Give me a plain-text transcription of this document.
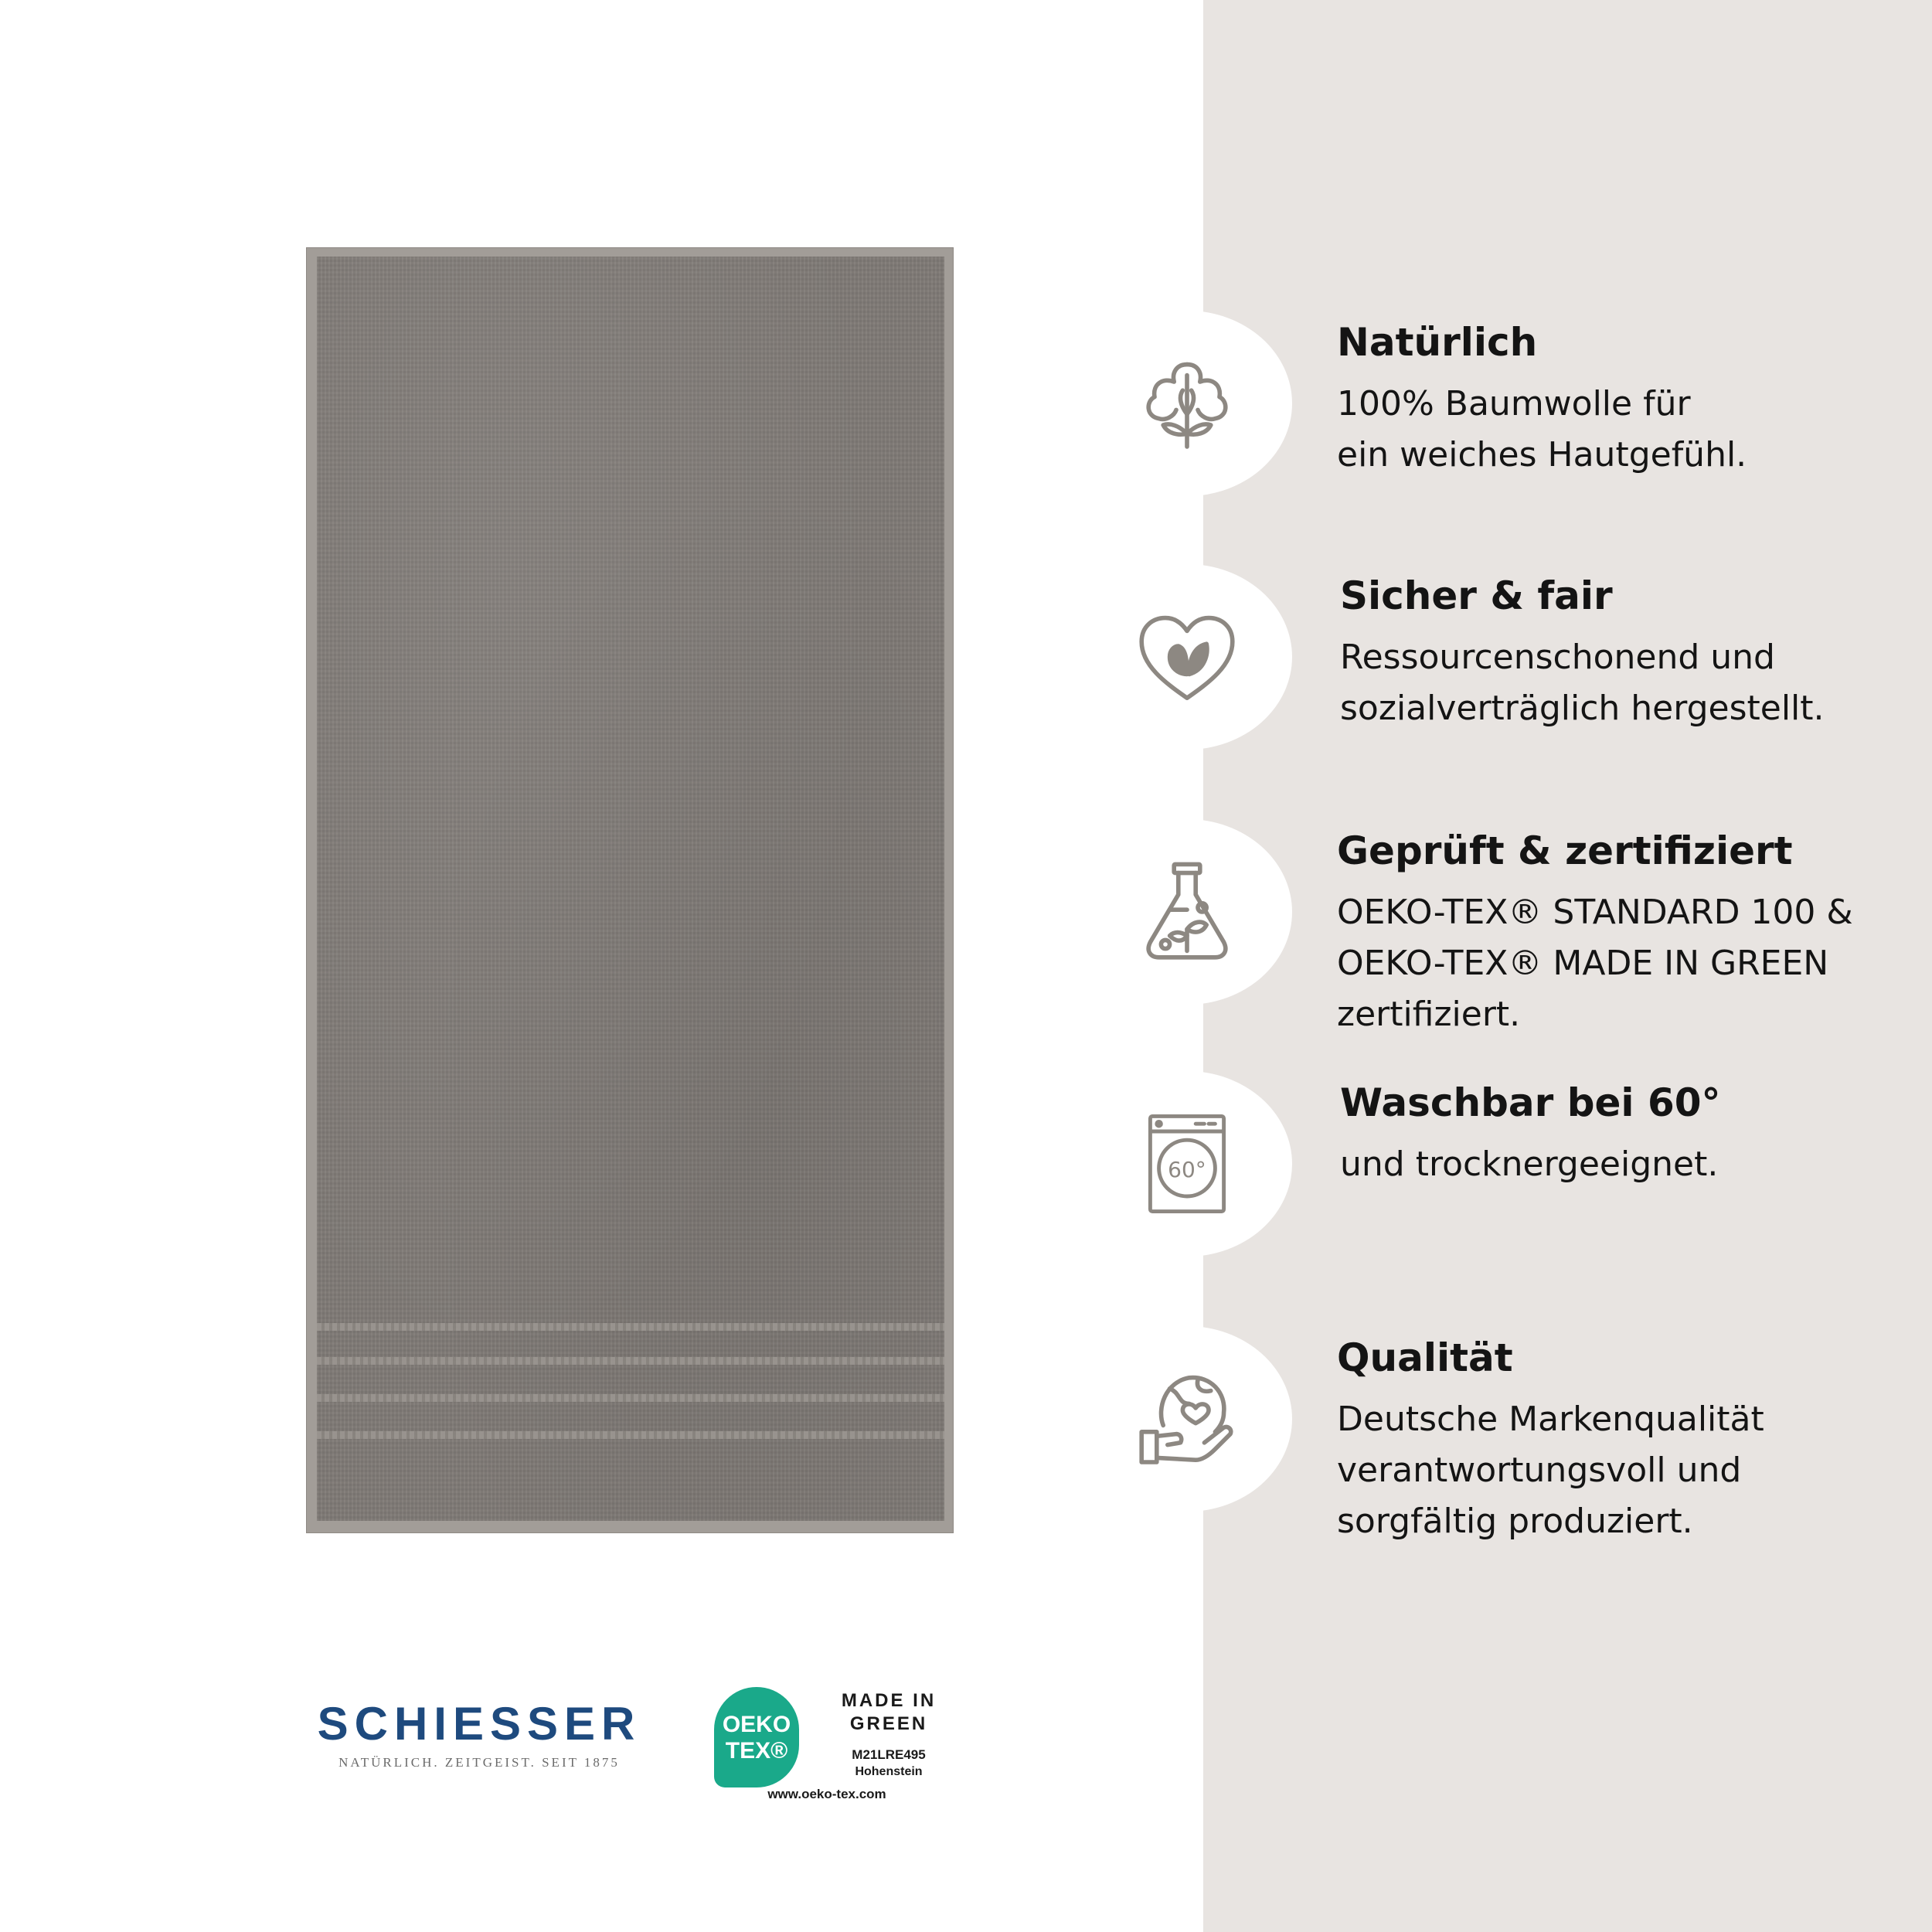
Natürlich
100% Baumwolle für
ein weiches Hautgefühl.
Sicher & fair
Ressourcenschonend und
sozialverträglich hergestellt.
Geprüft & zertifiziert
OEKO-TEX® STANDARD 100 &
OEKO-TEX® MADE IN GREEN
zertifiziert.
60°
Waschbar bei 60°
und trocknergeeignet.
Qualität
Deutsche Markenqualität
verantwortungsvoll und
sorgfältig produziert.
SCHIESSER
NATÜRLICH. ZEITGEIST. SEIT 1875
OEKO
TEX®
MADE IN
GREEN
M21LRE495
Hohenstein
www.oeko-tex.com
